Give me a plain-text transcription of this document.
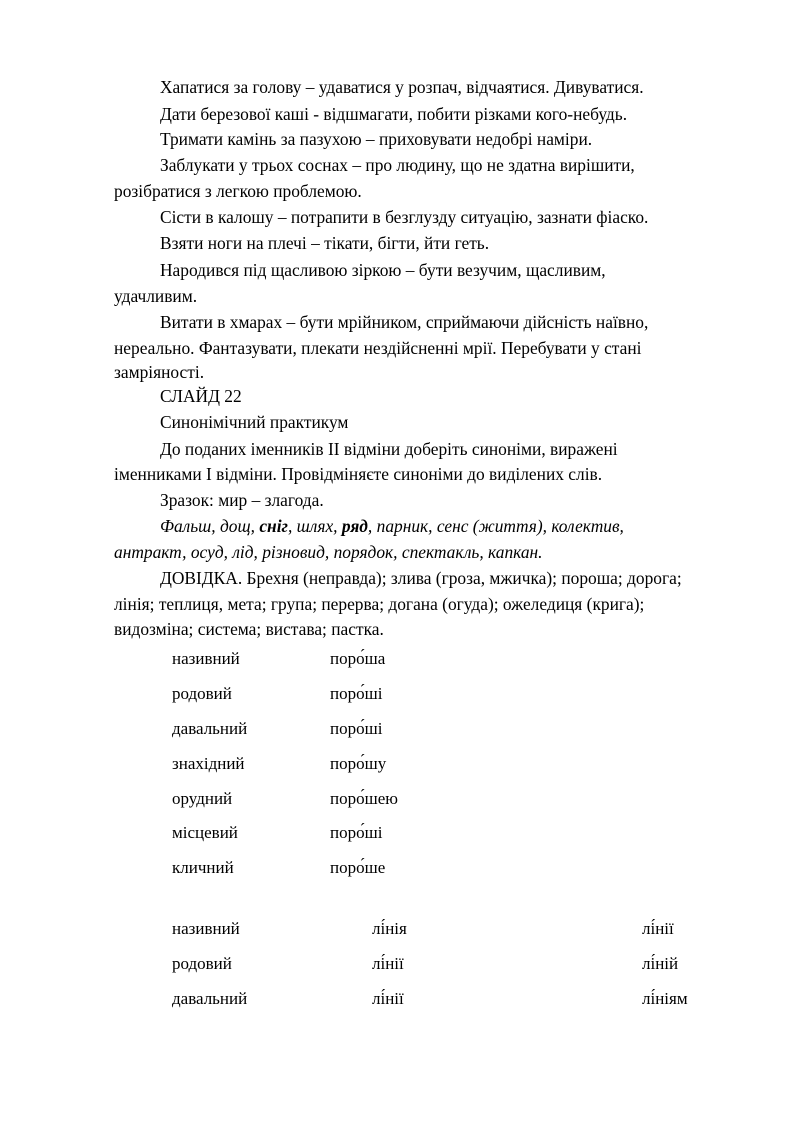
Хапатися за голову – удаватися у розпач, відчаятися. Дивуватися.
Дати березової каші - відшмагати, побити різками кого-небудь.
Тримати камінь за пазухою – приховувати недобрі наміри.
Заблукати у трьох соснах – про людину, що не здатна вирішити,
розібратися з легкою проблемою.
Сісти в калошу – потрапити в безглузду ситуацію, зазнати фіаско.
Взяти ноги на плечі – тікати, бігти, йти геть.
Народився під щасливою зіркою – бути везучим, щасливим,
удачливим.
Витати в хмарах – бути мрійником, сприймаючи дійсність наївно,
нереально. Фантазувати, плекати нездійсненні мрії. Перебувати у стані
замріяності.
СЛАЙД 22
Синонімічний практикум
До поданих іменників ІІ відміни доберіть синоніми, виражені
іменниками І відміни. Провідміняєте синоніми до виділених слів.
Зразок: мир – злагода.
Фальш, дощ, сніг, шлях, ряд, парник, сенс (життя), колектив,
антракт, осуд, лід, різновид, порядок, спектакль, капкан.
ДОВІДКА. Брехня (неправда); злива (гроза, мжичка); пороша; дорога;
лінія; теплиця, мета; група; перерва; догана (огуда); ожеледиця (крига);
видозміна; система; вистава; пастка.
називний	поро́ша
родовий	поро́ші
давальний	поро́ші
знахідний	поро́шу
орудний	поро́шею
місцевий	поро́ші
кличний	поро́ше
називний	лі́нія	лі́нії
родовий	лі́нії	лі́ній
давальний	лі́нії	лі́ніям
